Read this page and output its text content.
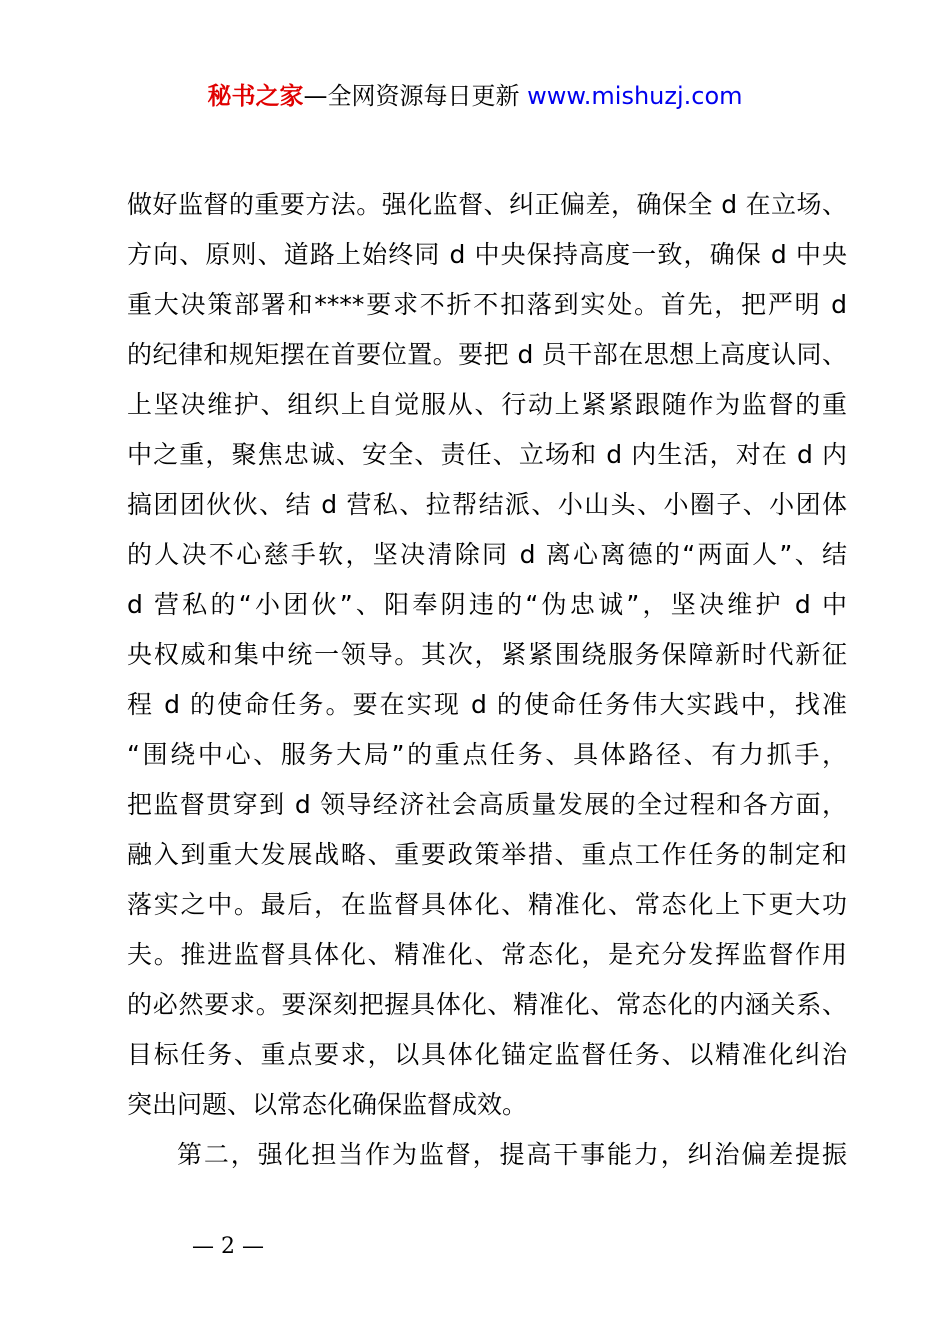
秘书之家—全网资源每日更新 www.mishuzj.com
做好监督的重要方法。强化监督、纠正偏差，确保全 d 在立场、
方向、原则、道路上始终同 d 中央保持高度一致，确保 d 中央
重大决策部署和****要求不折不扣落到实处。首先，把严明 d
的纪律和规矩摆在首要位置。要把 d 员干部在思想上高度认同、
上坚决维护、组织上自觉服从、行动上紧紧跟随作为监督的重
中之重，聚焦忠诚、安全、责任、立场和 d 内生活，对在 d 内
搞团团伙伙、结 d 营私、拉帮结派、小山头、小圈子、小团体
的人决不心慈手软，坚决清除同 d 离心离德的“两面人”、结
d 营私的“小团伙”、阳奉阴违的“伪忠诚”，坚决维护 d 中
央权威和集中统一领导。其次，紧紧围绕服务保障新时代新征
程 d 的使命任务。要在实现 d 的使命任务伟大实践中，找准
“围绕中心、服务大局”的重点任务、具体路径、有力抓手，
把监督贯穿到 d 领导经济社会高质量发展的全过程和各方面，
融入到重大发展战略、重要政策举措、重点工作任务的制定和
落实之中。最后，在监督具体化、精准化、常态化上下更大功
夫。推进监督具体化、精准化、常态化，是充分发挥监督作用
的必然要求。要深刻把握具体化、精准化、常态化的内涵关系、
目标任务、重点要求，以具体化锚定监督任务、以精准化纠治
突出问题、以常态化确保监督成效。
第二，强化担当作为监督，提高干事能力，纠治偏差提振
— 2 —
